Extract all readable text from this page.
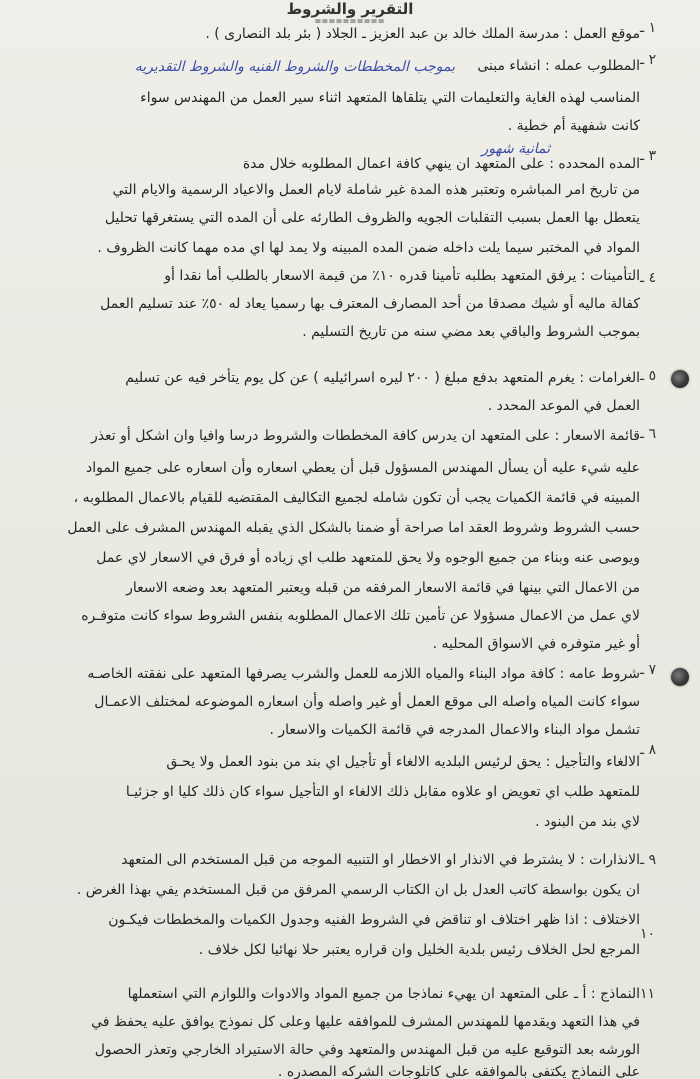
التقرير والشروط
==========
بموجب المخططات والشروط الفنيه والشروط التقديريه
ثمانية شهور
١ ـ
٢ ـ
٣ ـ
٤ ـ
٥ ـ
٦ ـ
٧ ـ
٨ ـ
٩ ـ
١٠
١١
موقع العمل : مدرسة الملك خالد بن عبد العزيز ـ الجلاد ( بئر بلد النصارى ) .
المطلوب عمله : انشاء مبنى
المناسب لهذه الغاية والتعليمات التي يتلقاها المتعهد اثناء سير العمل من المهندس سواء
كانت شفهية أم خطية .
المده المحدده : على المتعهد ان ينهي كافة اعمال المطلوبه خلال مدة
من تاريخ امر المباشره وتعتبر هذه المدة غير شاملة لايام العمل والاعياد الرسمية والايام التي
يتعطل بها العمل بسبب التقلبات الجويه والظروف الطارئه على أن المده التي يستغرقها تحليل
المواد في المختبر سيما يلت داخله ضمن المده المبينه ولا يمد لها اي مده مهما كانت الظروف .
التأمينات : يرفق المتعهد بطلبه تأمينا قدره ١٠٪ من قيمة الاسعار بالطلب أما نقدا أو
كفالة ماليه أو شيك مصدقا من أحد المصارف المعترف بها رسميا يعاد له ٥٠٪ عند تسليم العمل
بموجب الشروط والباقي بعد مضي سنه من تاريخ التسليم .
الغرامات : يغرم المتعهد بدفع مبلغ ( ٢٠٠ ليره اسرائيليه ) عن كل يوم يتأخر فيه عن تسليم
العمل في الموعد المحدد .
قائمة الاسعار : على المتعهد ان يدرس كافة المخططات والشروط درسا وافيا وان اشكل أو تعذر
عليه شيء عليه أن يسأل المهندس المسؤول قبل أن يعطي اسعاره وأن اسعاره على جميع المواد
المبينه في قائمة الكميات يجب أن تكون شامله لجميع التكاليف المقتضيه للقيام بالاعمال المطلوبه ،
حسب الشروط وشروط العقد اما صراحة أو ضمنا بالشكل الذي يقبله المهندس المشرف على العمل
ويوصى عنه وبناء من جميع الوجوه ولا يحق للمتعهد طلب اي زياده أو فرق في الاسعار لاي عمل
من الاعمال التي بينها في قائمة الاسعار المرفقه من قبله ويعتبر المتعهد بعد وضعه الاسعار
لاي عمل من الاعمال مسؤولا عن تأمين تلك الاعمال المطلوبه بنفس الشروط سواء كانت متوفـره
أو غير متوفره في الاسواق المحليه .
شروط عامه : كافة مواد البناء والمياه اللازمه للعمل والشرب يصرفها المتعهد على نفقته الخاصـه
سواء كانت المياه واصله الى موقع العمل أو غير واصله وأن اسعاره الموضوعه لمختلف الاعمـال
تشمل مواد البناء والاعمال المدرجه في قائمة الكميات والاسعار .
الالغاء والتأجيل : يحق لرئيس البلديه الالغاء أو تأجيل اي بند من بنود العمل ولا يحـق
للمتعهد طلب اي تعويض او علاوه مقابل ذلك الالغاء او التأجيل سواء كان ذلك كليا او جزئيـا
لاي بند من البنود .
الانذارات : لا يشترط في الانذار او الاخطار او التنبيه الموجه من قبل المستخدم الى المتعهد
ان يكون بواسطة كاتب العدل بل ان الكتاب الرسمي المرفق من قبل المستخدم يفي بهذا الغرض .
الاختلاف : اذا ظهر اختلاف او تناقض في الشروط الفنيه وجدول الكميات والمخططات فيكـون
المرجع لحل الخلاف رئيس بلدية الخليل وان قراره يعتبر حلا نهائيا لكل خلاف .
النماذج : أ ـ على المتعهد ان يهيء نماذجا من جميع المواد والادوات واللوازم التي استعملها
في هذا التعهد ويقدمها للمهندس المشرف للموافقه عليها وعلى كل نموذج يوافق عليه يحفظ في
الورشه بعد التوقيع عليه من قبل المهندس والمتعهد وفي حالة الاستيراد الخارجي وتعذر الحصول
على النماذج يكتفى بالموافقه على كاتلوجات الشركه المصدره .
